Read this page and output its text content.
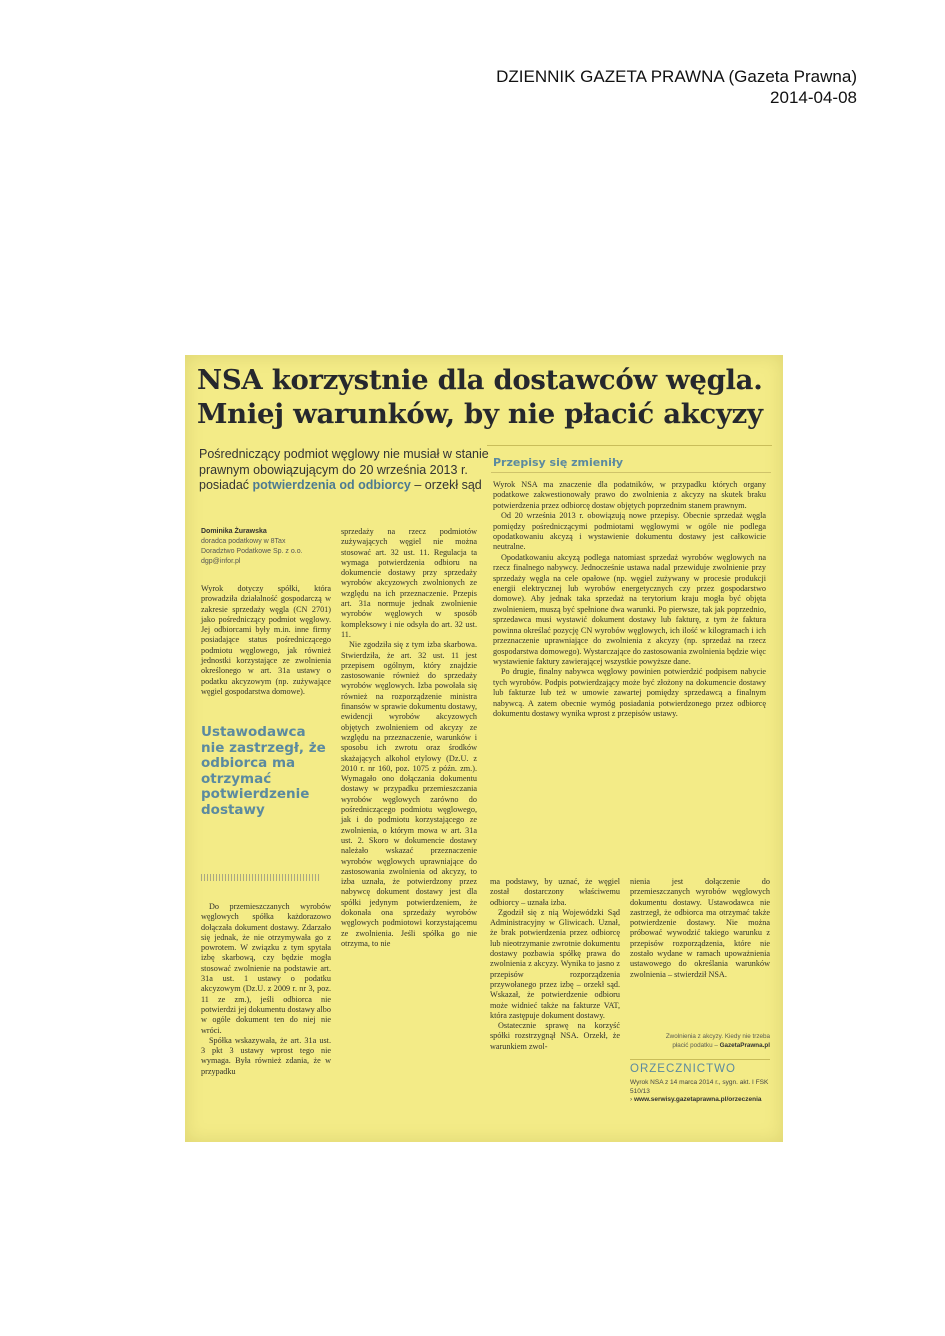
DZIENNIK GAZETA PRAWNA (Gazeta Prawna)
2014-04-08
NSA korzystnie dla dostawców węgla.
Mniej warunków, by nie płacić akcyzy
Pośredniczący podmiot węglowy nie musiał w stanie prawnym obowiązującym do 20 września 2013 r. posiadać potwierdzenia od odbiorcy – orzekł sąd
Dominika Żurawska
doradca podatkowy w 8Tax
Doradztwo Podatkowe Sp. z o.o.
dgp@infor.pl

Wyrok dotyczy spółki, która prowadziła działalność gospodarczą w zakresie sprzedaży węgla (CN 2701) jako pośredniczący podmiot węglowy. Jej odbiorcami były m.in. inne firmy posiadające status pośredniczącego podmiotu węglowego, jak również jednostki korzystające ze zwolnienia określonego w art. 31a ustawy o podatku akcyzowym (np. zużywające węgiel gospodarstwa domowe).

Ustawodawca nie zastrzegł, że odbiorca ma otrzymać potwierdzenie dostawy

Do przemieszczanych wyrobów węglowych spółka każdorazowo dołączała dokument dostawy. Zdarzało się jednak, że nie otrzymywała go z powrotem. W związku z tym spytała izbę skarbową, czy będzie mogła stosować zwolnienie na podstawie art. 31a ust. 1 ustawy o podatku akcyzowym (Dz.U. z 2009 r. nr 3, poz. 11 ze zm.), jeśli odbiorca nie potwierdzi jej dokumentu dostawy albo w ogóle dokument ten do niej nie wróci.

Spółka wskazywała, że art. 31a ust. 3 pkt 3 ustawy wprost tego nie wymaga. Była również zdania, że w przypadku

sprzedaży na rzecz podmiotów zużywających węgiel nie można stosować art. 32 ust. 11. Regulacja ta wymaga potwierdzenia odbioru na dokumencie dostawy przy sprzedaży wyrobów akcyzowych zwolnionych ze względu na ich przeznaczenie. Przepis art. 31a normuje jednak zwolnienie wyrobów węglowych w sposób kompleksowy i nie odsyła do art. 32 ust. 11.

Nie zgodziła się z tym izba skarbowa. Stwierdziła, że art. 32 ust. 11 jest przepisem ogólnym, który znajdzie zastosowanie również do sprzedaży wyrobów węglowych. Izba powołała się również na rozporządzenie ministra finansów w sprawie dokumentu dostawy, ewidencji wyrobów akcyzowych objętych zwolnieniem od akcyzy ze względu na przeznaczenie, warunków i sposobu ich zwrotu oraz środków skażających alkohol etylowy (Dz.U. z 2010 r. nr 160, poz. 1075 z późn. zm.). Wymagało ono dołączania dokumentu dostawy w przypadku przemieszczania wyrobów węglowych zarówno do pośredniczącego podmiotu węglowego, jak i do podmiotu korzystającego ze zwolnienia, o którym mowa w art. 31a ust. 2. Skoro w dokumencie dostawy należało wskazać przeznaczenie wyrobów węglowych uprawniające do zastosowania zwolnienia od akcyzy, to izba uznała, że potwierdzony przez nabywcę dokument dostawy jest dla spółki jedynym potwierdzeniem, że dokonała ona sprzedaży wyrobów węglowych podmiotowi korzystającemu ze zwolnienia. Jeśli spółka go nie otrzyma, to nie

Przepisy się zmieniły

Wyrok NSA ma znaczenie dla podatników, w przypadku których organy podatkowe zakwestionowały prawo do zwolnienia z akcyzy na skutek braku potwierdzenia przez odbiorcę dostaw objętych poprzednim stanem prawnym.

Od 20 września 2013 r. obowiązują nowe przepisy. Obecnie sprzedaż węgla pomiędzy pośredniczącymi podmiotami węglowymi w ogóle nie podlega opodatkowaniu akcyzą i wystawienie dokumentu dostawy jest całkowicie neutralne.

Opodatkowaniu akcyzą podlega natomiast sprzedaż wyrobów węglowych na rzecz finalnego nabywcy. Jednocześnie ustawa nadal przewiduje zwolnienie przy sprzedaży węgla na cele opałowe (np. węgiel zużywany w procesie produkcji energii elektrycznej lub wyrobów energetycznych czy przez gospodarstwo domowe). Aby jednak taka sprzedaż na terytorium kraju mogła być objęta zwolnieniem, muszą być spełnione dwa warunki. Po pierwsze, tak jak poprzednio, sprzedawca musi wystawić dokument dostawy lub fakturę, z tym że faktura powinna określać pozycję CN wyrobów węglowych, ich ilość w kilogramach i ich przeznaczenie uprawniające do zwolnienia z akcyzy (np. sprzedaż na rzecz gospodarstwa domowego). Wystarczające do zastosowania zwolnienia będzie więc wystawienie faktury zawierającej wszystkie powyższe dane.

Po drugie, finalny nabywca węglowy powinien potwierdzić podpisem nabycie tych wyrobów. Podpis potwierdzający może być złożony na dokumencie dostawy lub fakturze lub też w umowie zawartej pomiędzy sprzedawcą a finalnym nabywcą. A zatem obecnie wymóg posiadania potwierdzonego przez odbiorcę dokumentu dostawy wynika wprost z przepisów ustawy.

ma podstawy, by uznać, że węgiel został dostarczony właściwemu odbiorcy – uznała izba.

Zgodził się z nią Wojewódzki Sąd Administracyjny w Gliwicach. Uznał, że brak potwierdzenia przez odbiorcę lub nieotrzymanie zwrotnie dokumentu dostawy pozbawia spółkę prawa do zwolnienia z akcyzy. Wynika to jasno z przepisów rozporządzenia przywołanego przez izbę – orzekł sąd. Wskazał, że potwierdzenie odbioru może widnieć także na fakturze VAT, która zastępuje dokument dostawy.

Ostatecznie sprawę na korzyść spółki rozstrzygnął NSA. Orzekł, że warunkiem zwol-

nienia jest dołączenie do przemieszczanych wyrobów węglowych dokumentu dostawy. Ustawodawca nie zastrzegł, że odbiorca ma otrzymać także potwierdzenie dostawy. Nie można próbować wywodzić takiego warunku z przepisów rozporządzenia, które nie zostało wydane w ramach upoważnienia ustawowego do określania warunków zwolnienia – stwierdził NSA.

Zwolnienia z akcyzy. Kiedy nie trzeba
płacić podatku – GazetaPrawna.pl
ORZECZNICTWO
Wyrok NSA z 14 marca 2014 r., sygn. akt. I FSK 510/13
› www.serwisy.gazetaprawna.pl/orzeczenia
